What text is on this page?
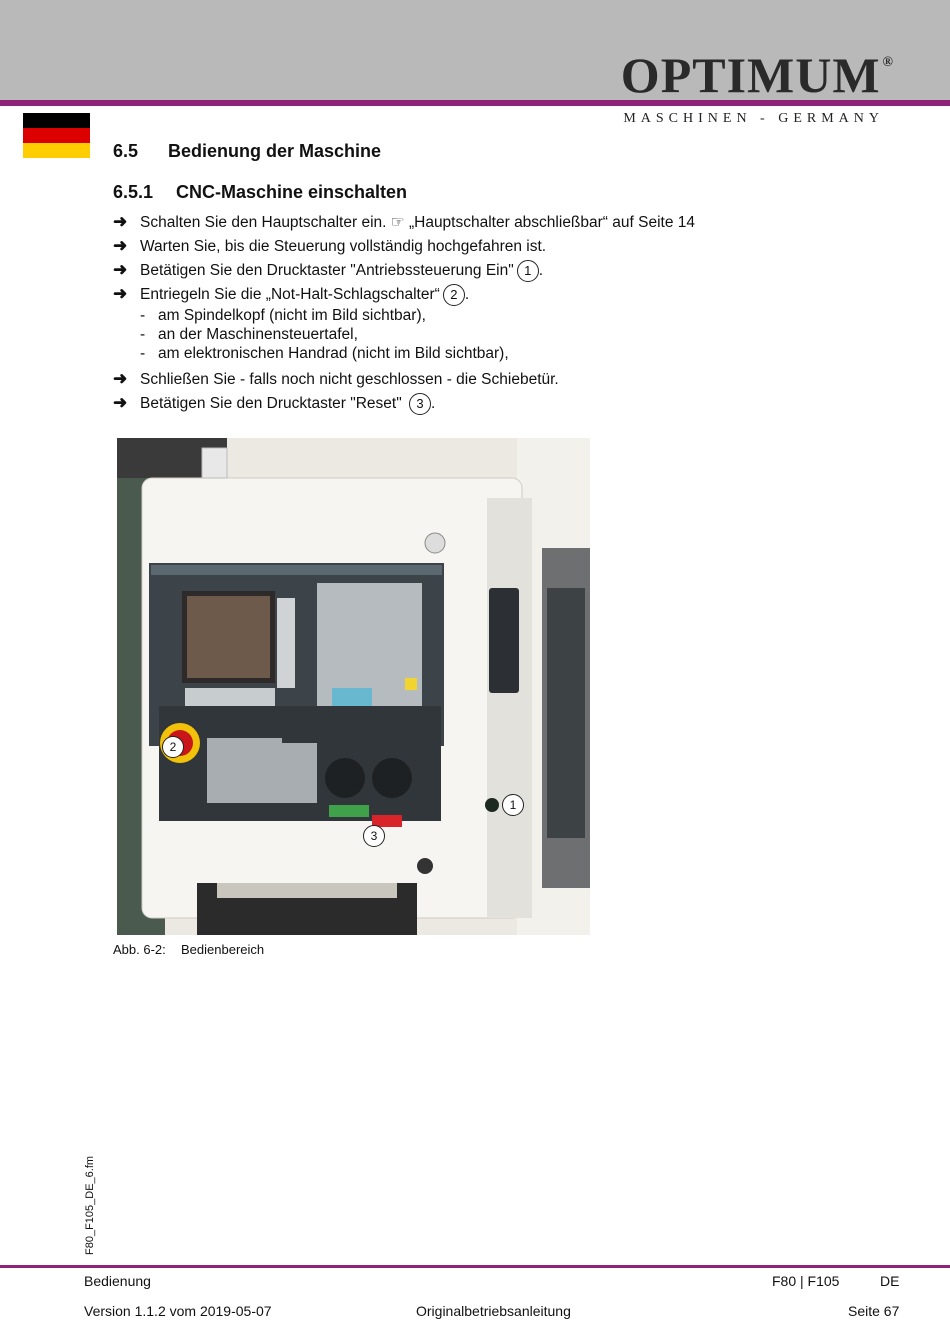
OPTIMUM ®
MASCHINEN - GERMANY
6.5 Bedienung der Maschine
6.5.1 CNC-Maschine einschalten
➜ Schalten Sie den Hauptschalter ein. ☞ „Hauptschalter abschließbar“ auf Seite 14
➜ Warten Sie, bis die Steuerung vollständig hochgefahren ist.
➜ Betätigen Sie den Drucktaster "Antriebssteuerung Ein" 1 .
➜ Entriegeln Sie die „Not-Halt-Schlagschalter“ 2 .
- am Spindelkopf (nicht im Bild sichtbar),
- an der Maschinensteuertafel,
- am elektronischen Handrad (nicht im Bild sichtbar),
➜ Schließen Sie - falls noch nicht geschlossen - die Schiebetür.
➜ Betätigen Sie den Drucktaster "Reset" 3 .
2
1
3
Abb. 6-2: Bedienbereich
F80_F105_DE_6.fm
Bedienung	F80 | F105	DE
Version 1.1.2 vom 2019-05-07	Originalbetriebsanleitung	Seite 67
